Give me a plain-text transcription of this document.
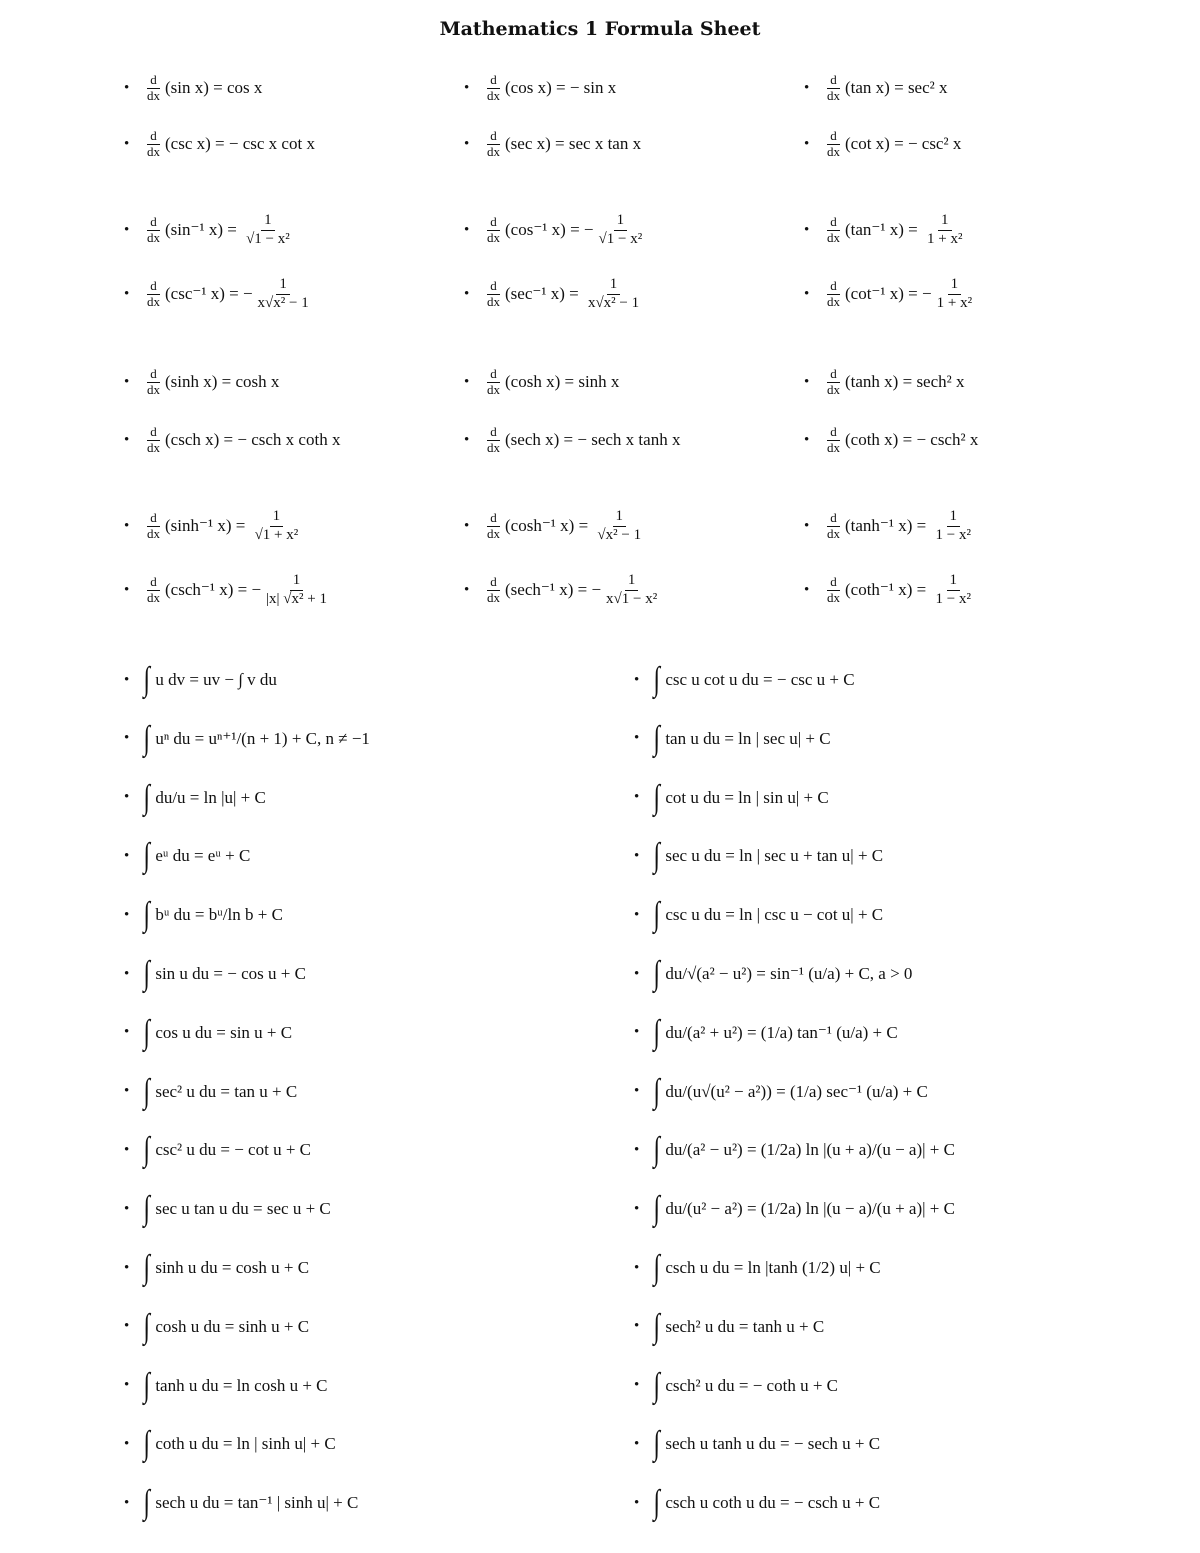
Mathematics 1 Formula Sheet
•	$\frac{d}{dx} (\sin$ x) = cos x	•	$\frac{d}{dx} (\cos$ x) = − sin x	•	$\frac{d}{dx} (\tan$ x) = sec² x
•	$\frac{d}{dx} (\csc$ x) = − csc x cot x	•	$\frac{d}{dx} (\sec$ x) = sec x tan x	•	$\frac{d}{dx} (\cot$ x) = − csc² x
•	$\frac{d}{dx} (\sin^{-1}$ $x) = \frac{1}{\text{√1 − x²}}$	•	$\frac{d}{dx} (\cos^{-1}$ x) = − $\frac{1}{\text{√1 − x²}}$	•	$\frac{d}{dx} (\tan^{-1}$ $x) = \frac{1}{\text{1 + x²}}$
•	$\frac{d}{dx} (\csc^{-1}$ x) = − $\frac{1}{\text{x√x² − 1}}$	•	$\frac{d}{dx} (\sec^{-1}$ $x) = \frac{1}{\text{x√x² − 1}}$	•	$\frac{d}{dx} (\cot^{-1}$ x) = − $\frac{1}{\text{1 + x²}}$
•	$\frac{d}{dx} (\sinh$ x) = cosh x	•	$\frac{d}{dx} (\cosh$ x) = sinh x	•	$\frac{d}{dx} (\tanh$ x) = sech² x
•	$\frac{d}{dx} (\csc h$ x) = − csch x coth x	•	$\frac{d}{dx} (\sec h$ x) = − sech x tanh x	•	$\frac{d}{dx} (\cot h$ x) = − csch² x
•	$\frac{d}{dx} (\sinh^{-1}$ $x) = \frac{1}{\text{√1 + x²}}$	•	$\frac{d}{dx} (\cosh^{-1}$ $x) = \frac{1}{\text{√x² − 1}}$	•	$\frac{d}{dx} (\tanh^{-1}$ $x) = \frac{1}{\text{1 − x²}}$
•	$\frac{d}{dx} (\csc h^{-1}$ x) = − $\frac{1}{\text{|x| √x² + 1}}$	•	$\frac{d}{dx} (\sec h^{-1}$ x) = − $\frac{1}{\text{x√1 − x²}}$	•	$\frac{d}{dx} (\cot h^{-1}$ $x) = \frac{1}{\text{1 − x²}}$
• ∫ u dv = uv − ∫ v du
• ∫ uⁿ du = uⁿ⁺¹/(n + 1) + C, n ≠ −1
• ∫ du/u = ln |u| + C
• ∫ eᵘ du = eᵘ + C
• ∫ bᵘ du = bᵘ/ln b + C
• ∫ sin u du = − cos u + C
• ∫ cos u du = sin u + C
• ∫ sec² u du = tan u + C
• ∫ csc² u du = − cot u + C
• ∫ sec u tan u du = sec u + C
• ∫ sinh u du = cosh u + C
• ∫ cosh u du = sinh u + C
• ∫ tanh u du = ln cosh u + C
• ∫ coth u du = ln | sinh u| + C
• ∫ sech u du = tan⁻¹ | sinh u| + C
• ∫ csc u cot u du = − csc u + C
• ∫ tan u du = ln | sec u| + C
• ∫ cot u du = ln | sin u| + C
• ∫ sec u du = ln | sec u + tan u| + C
• ∫ csc u du = ln | csc u − cot u| + C
• ∫ du/√(a² − u²) = sin⁻¹ (u/a) + C, a > 0
• ∫ du/(a² + u²) = (1/a) tan⁻¹ (u/a) + C
• ∫ du/(u√(u² − a²)) = (1/a) sec⁻¹ (u/a) + C
• ∫ du/(a² − u²) = (1/2a) ln |(u + a)/(u − a)| + C
• ∫ du/(u² − a²) = (1/2a) ln |(u − a)/(u + a)| + C
• ∫ csch u du = ln |tanh (1/2) u| + C
• ∫ sech² u du = tanh u + C
• ∫ csch² u du = − coth u + C
• ∫ sech u tanh u du = − sech u + C
• ∫ csch u coth u du = − csch u + C
